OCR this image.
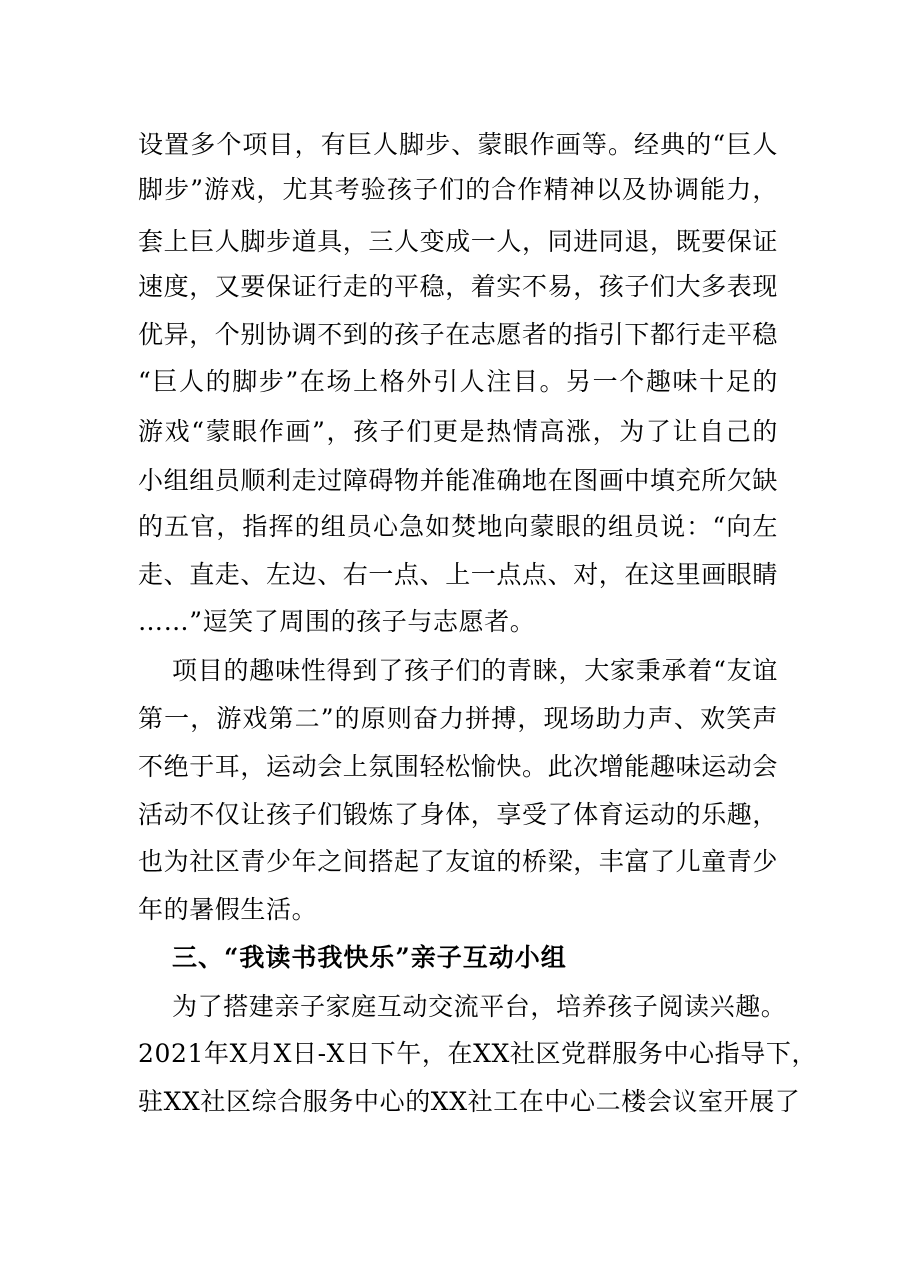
设置多个项目，有巨人脚步、蒙眼作画等。经典的“巨人
脚步”游戏，尤其考验孩子们的合作精神以及协调能力，
套上巨人脚步道具，三人变成一人，同进同退，既要保证
速度，又要保证行走的平稳，着实不易，孩子们大多表现
优异，个别协调不到的孩子在志愿者的指引下都行走平稳
“巨人的脚步”在场上格外引人注目。另一个趣味十足的
游戏“蒙眼作画”，孩子们更是热情高涨，为了让自己的
小组组员顺利走过障碍物并能准确地在图画中填充所欠缺
的五官，指挥的组员心急如焚地向蒙眼的组员说：“向左
走、直走、左边、右一点、上一点点、对，在这里画眼睛
……”逗笑了周围的孩子与志愿者。
项目的趣味性得到了孩子们的青睐，大家秉承着“友谊
第一，游戏第二”的原则奋力拼搏，现场助力声、欢笑声
不绝于耳，运动会上氛围轻松愉快。此次增能趣味运动会
活动不仅让孩子们锻炼了身体，享受了体育运动的乐趣，
也为社区青少年之间搭起了友谊的桥梁，丰富了儿童青少
年的暑假生活。
三、“我读书我快乐”亲子互动小组
为了搭建亲子家庭互动交流平台，培养孩子阅读兴趣。
2021年X月X日-X日下午，在XX社区党群服务中心指导下，
驻XX社区综合服务中心的XX社工在中心二楼会议室开展了
